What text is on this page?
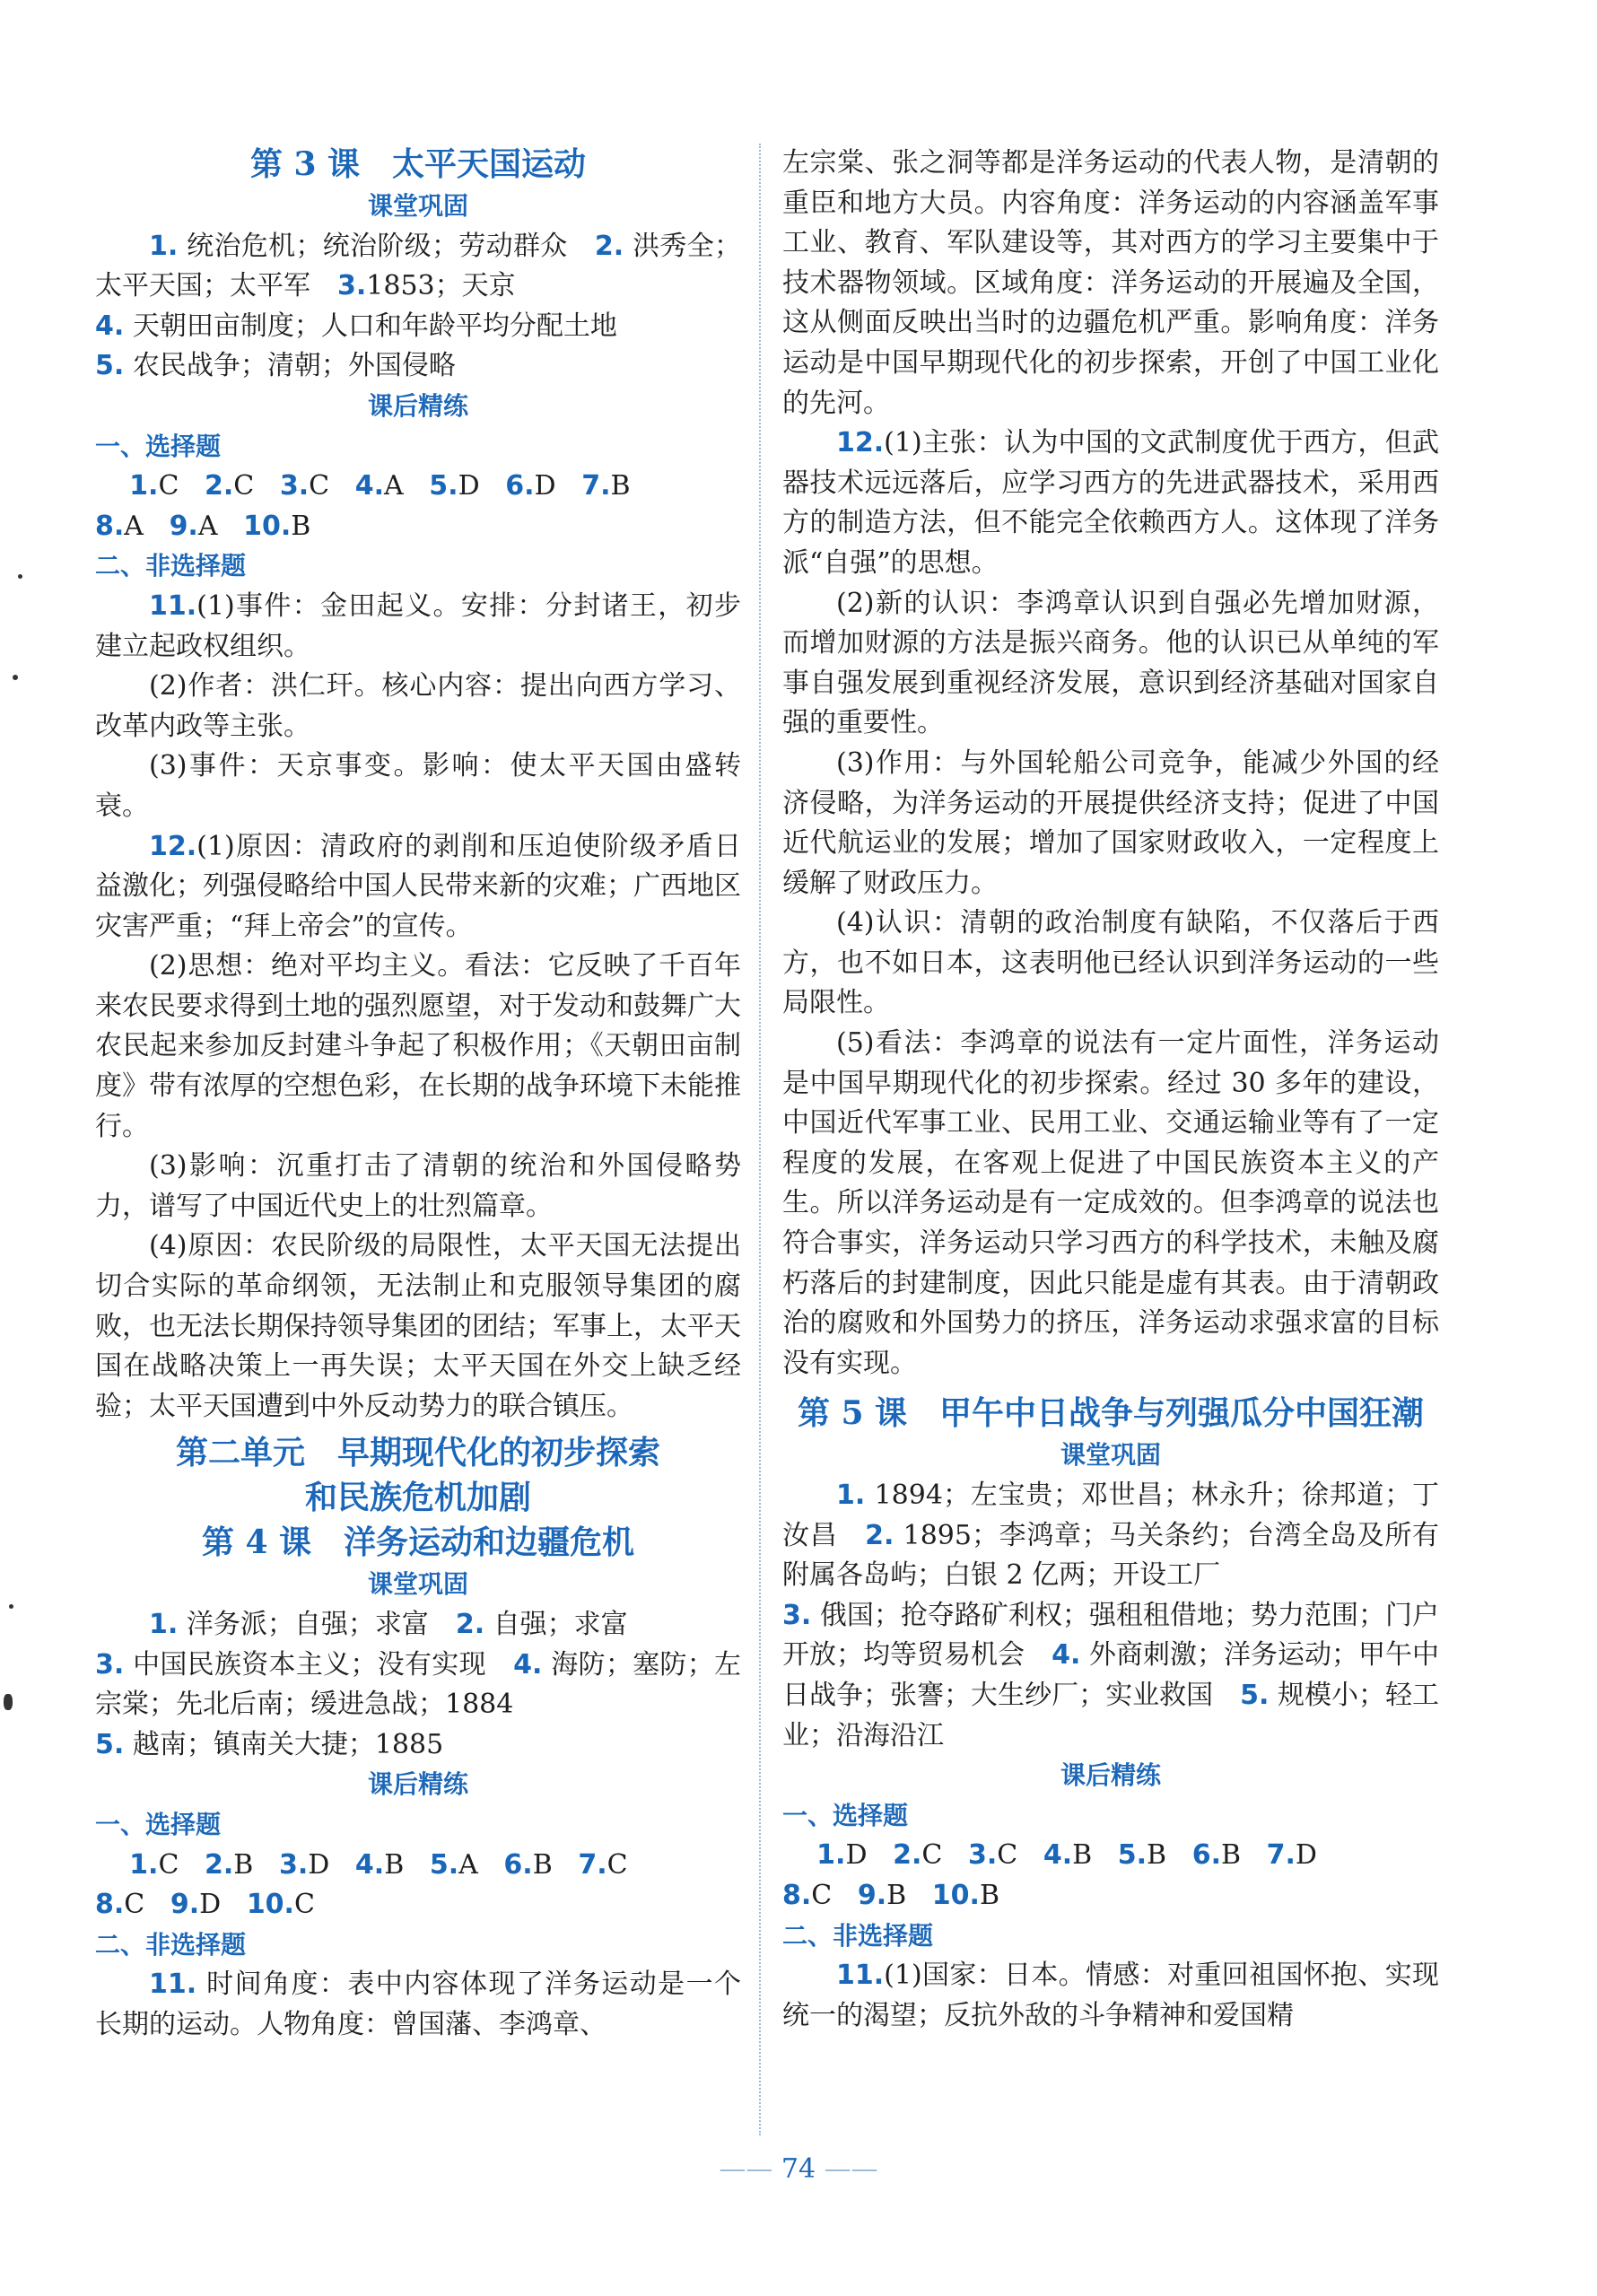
第 3 课　太平天国运动

课堂巩固

1. 统治危机；统治阶级；劳动群众　 2. 洪秀全；太平天国；太平军　 3.1853；天京

4. 天朝田亩制度；人口和年龄平均分配土地

5. 农民战争；清朝；外国侵略

课后精练

一、选择题

1.C 2.C 3.C 4.A 5.D 6.D 7.B

8.A 9.A 10.B

二、非选择题

11.(1)事件：金田起义。安排：分封诸王，初步建立起政权组织。

(2)作者：洪仁玕。核心内容：提出向西方学习、改革内政等主张。

(3)事件：天京事变。影响：使太平天国由盛转衰。

12.(1)原因：清政府的剥削和压迫使阶级矛盾日益激化；列强侵略给中国人民带来新的灾难；广西地区灾害严重；“拜上帝会”的宣传。

(2)思想：绝对平均主义。看法：它反映了千百年来农民要求得到土地的强烈愿望，对于发动和鼓舞广大农民起来参加反封建斗争起了积极作用；《天朝田亩制度》带有浓厚的空想色彩，在长期的战争环境下未能推行。

(3)影响：沉重打击了清朝的统治和外国侵略势力，谱写了中国近代史上的壮烈篇章。

(4)原因：农民阶级的局限性，太平天国无法提出切合实际的革命纲领，无法制止和克服领导集团的腐败，也无法长期保持领导集团的团结；军事上，太平天国在战略决策上一再失误；太平天国在外交上缺乏经验；太平天国遭到中外反动势力的联合镇压。

第二单元　早期现代化的初步探索

和民族危机加剧

第 4 课　洋务运动和边疆危机

课堂巩固

1. 洋务派；自强；求富　 2. 自强；求富

3. 中国民族资本主义；没有实现　 4. 海防；塞防；左宗棠；先北后南；缓进急战；1884

5. 越南；镇南关大捷；1885

课后精练

一、选择题

1.C 2.B 3.D 4.B 5.A 6.B 7.C

8.C 9.D 10.C

二、非选择题

11. 时间角度：表中内容体现了洋务运动是一个长期的运动。人物角度：曾国藩、李鸿章、

左宗棠、张之洞等都是洋务运动的代表人物，是清朝的重臣和地方大员。内容角度：洋务运动的内容涵盖军事工业、教育、军队建设等，其对西方的学习主要集中于技术器物领域。区域角度：洋务运动的开展遍及全国，这从侧面反映出当时的边疆危机严重。影响角度：洋务运动是中国早期现代化的初步探索，开创了中国工业化的先河。

12.(1)主张：认为中国的文武制度优于西方，但武器技术远远落后，应学习西方的先进武器技术，采用西方的制造方法，但不能完全依赖西方人。这体现了洋务派“自强”的思想。

(2)新的认识：李鸿章认识到自强必先增加财源，而增加财源的方法是振兴商务。他的认识已从单纯的军事自强发展到重视经济发展，意识到经济基础对国家自强的重要性。

(3)作用：与外国轮船公司竞争，能减少外国的经济侵略，为洋务运动的开展提供经济支持；促进了中国近代航运业的发展；增加了国家财政收入，一定程度上缓解了财政压力。

(4)认识：清朝的政治制度有缺陷，不仅落后于西方，也不如日本，这表明他已经认识到洋务运动的一些局限性。

(5)看法：李鸿章的说法有一定片面性，洋务运动是中国早期现代化的初步探索。经过 30 多年的建设，中国近代军事工业、民用工业、交通运输业等有了一定程度的发展，在客观上促进了中国民族资本主义的产生。所以洋务运动是有一定成效的。但李鸿章的说法也符合事实，洋务运动只学习西方的科学技术，未触及腐朽落后的封建制度，因此只能是虚有其表。由于清朝政治的腐败和外国势力的挤压，洋务运动求强求富的目标没有实现。

第 5 课　甲午中日战争与列强瓜分中国狂潮

课堂巩固

1. 1894；左宝贵；邓世昌；林永升；徐邦道；丁汝昌　 2. 1895；李鸿章；马关条约；台湾全岛及所有附属各岛屿；白银 2 亿两；开设工厂

3. 俄国；抢夺路矿利权；强租租借地；势力范围；门户开放；均等贸易机会　 4. 外商刺激；洋务运动；甲午中日战争；张謇；大生纱厂；实业救国　 5. 规模小；轻工业；沿海沿江

课后精练

一、选择题

1.D 2.C 3.C 4.B 5.B 6.B 7.D

8.C 9.B 10.B

二、非选择题

11.(1)国家：日本。情感：对重回祖国怀抱、实现统一的渴望；反抗外敌的斗争精神和爱国精

—— 74 ——
